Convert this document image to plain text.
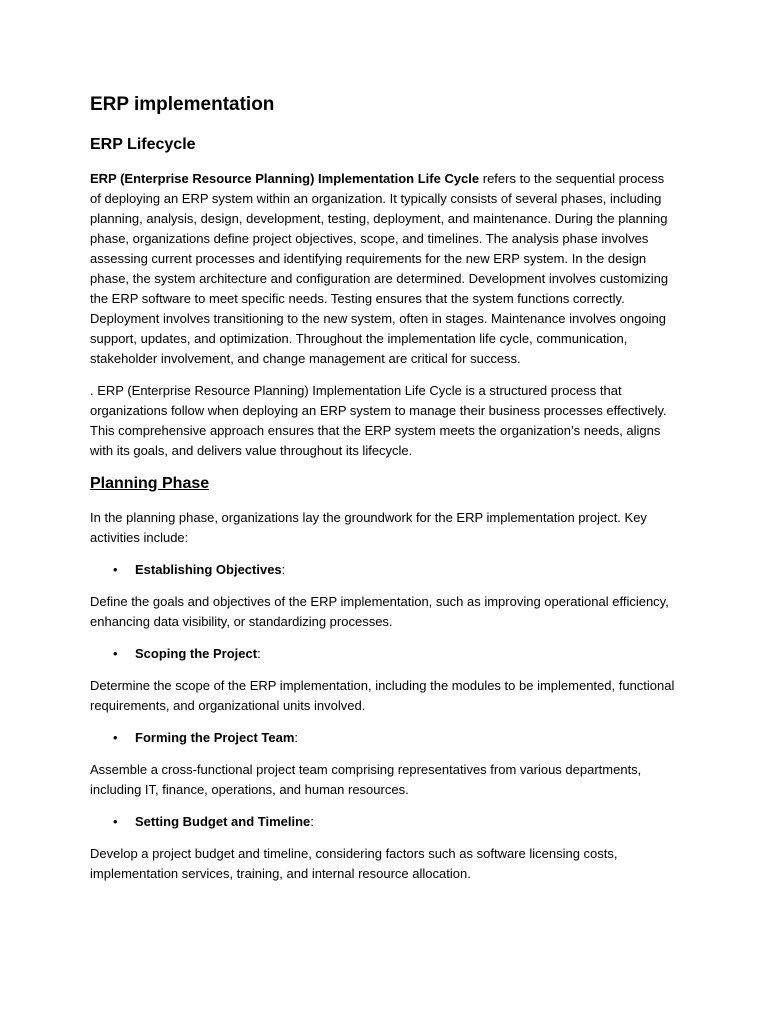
ERP implementation
ERP Lifecycle

ERP (Enterprise Resource Planning) Implementation Life Cycle refers to the sequential process of deploying an ERP system within an organization. It typically consists of several phases, including planning, analysis, design, development, testing, deployment, and maintenance. During the planning phase, organizations define project objectives, scope, and timelines. The analysis phase involves assessing current processes and identifying requirements for the new ERP system. In the design phase, the system architecture and configuration are determined. Development involves customizing the ERP software to meet specific needs. Testing ensures that the system functions correctly. Deployment involves transitioning to the new system, often in stages. Maintenance involves ongoing support, updates, and optimization. Throughout the implementation life cycle, communication, stakeholder involvement, and change management are critical for success.

. ERP (Enterprise Resource Planning) Implementation Life Cycle is a structured process that organizations follow when deploying an ERP system to manage their business processes effectively. This comprehensive approach ensures that the ERP system meets the organization’s needs, aligns with its goals, and delivers value throughout its lifecycle.

Planning Phase

In the planning phase, organizations lay the groundwork for the ERP implementation project. Key activities include:

• Establishing Objectives:

Define the goals and objectives of the ERP implementation, such as improving operational efficiency, enhancing data visibility, or standardizing processes.

• Scoping the Project:

Determine the scope of the ERP implementation, including the modules to be implemented, functional requirements, and organizational units involved.

• Forming the Project Team:

Assemble a cross-functional project team comprising representatives from various departments, including IT, finance, operations, and human resources.

• Setting Budget and Timeline:

Develop a project budget and timeline, considering factors such as software licensing costs, implementation services, training, and internal resource allocation.
